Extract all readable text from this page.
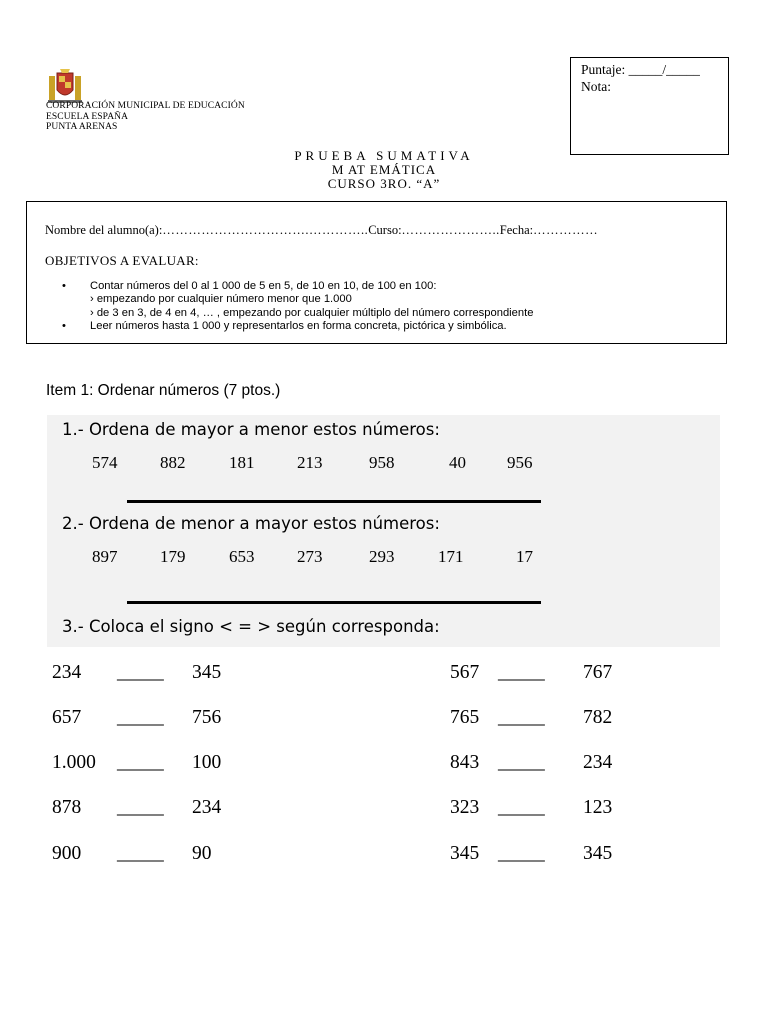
CORPORACIÓN MUNICIPAL DE EDUCACIÓN
ESCUELA ESPAÑA
PUNTA ARENAS
Puntaje: _____/_____
Nota:
PRUEBA SUMATIVA
M AT EMÁTICA
CURSO 3RO. “A”
Nombre del alumno(a):…………………………….…………..Curso:…………………..Fecha:……………
OBJETIVOS A EVALUAR:
• Contar números del 0 al 1 000 de 5 en 5, de 10 en 10, de 100 en 100:
› empezando por cualquier número menor que 1.000
› de 3 en 3, de 4 en 4, … , empezando por cualquier múltiplo del número correspondiente
• Leer números hasta 1 000 y representarlos en forma concreta, pictórica y simbólica.
Item 1: Ordenar números (7 ptos.)
1.- Ordena de mayor a menor estos números:
574	882	181	213	958	40 956
2.- Ordena de menor a mayor estos números:
897	179	653	273	293	171	17
3.- Coloca el signo < = > según corresponda:
234 _____ 345
657 _____ 756
1.000 _____ 100
878 _____ 234
900 _____ 90
567 _____ 767
765 _____ 782
843 _____ 234
323 _____ 123
345 _____ 345
